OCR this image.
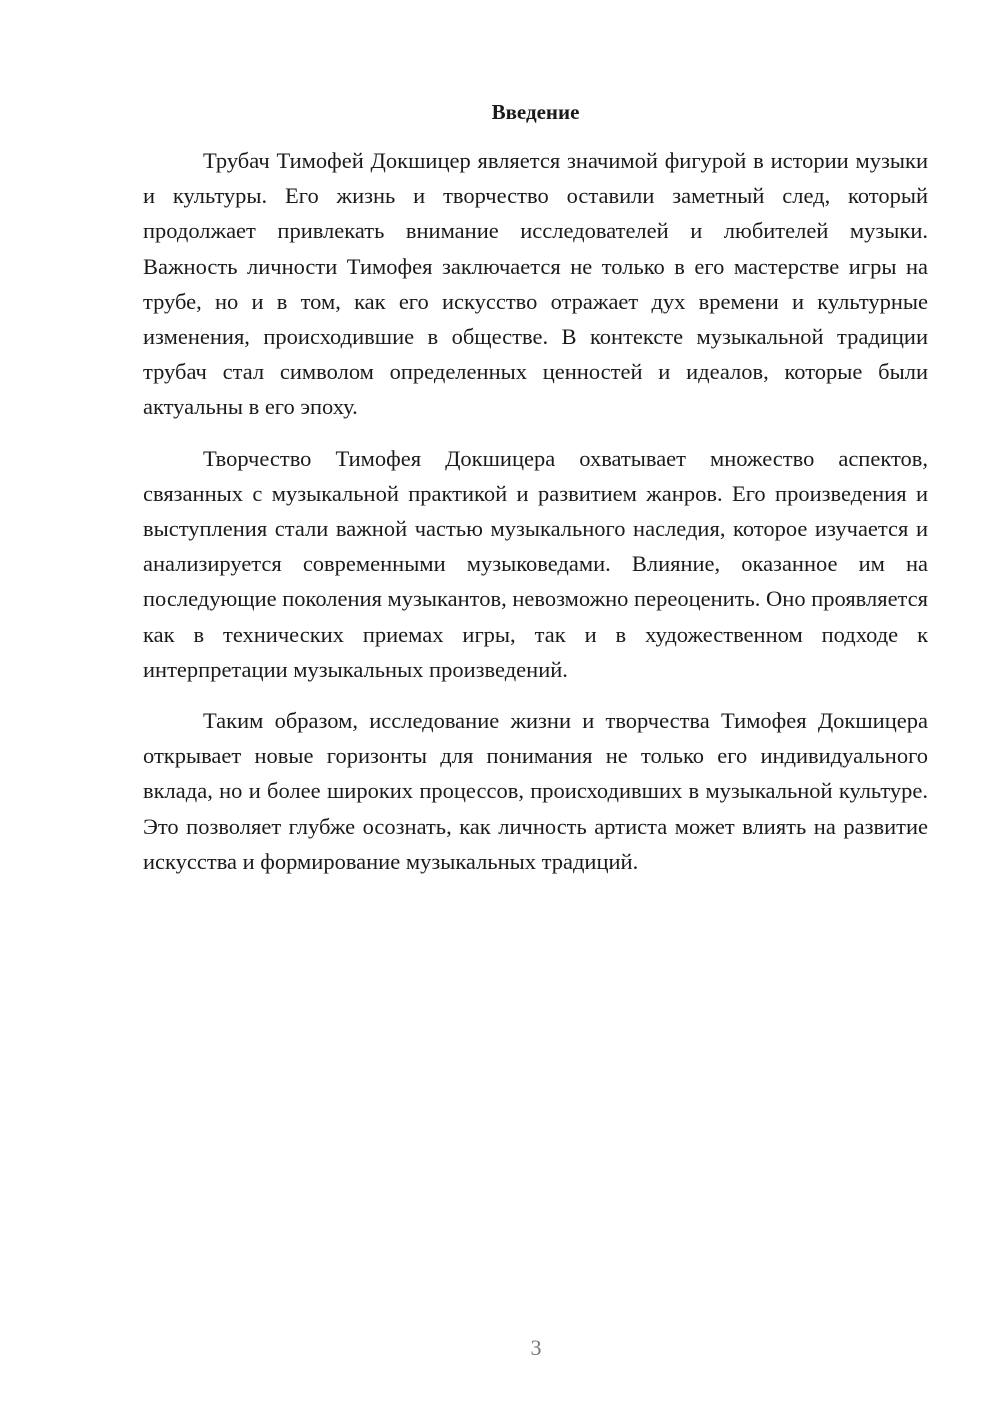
Введение

Трубач Тимофей Докшицер является значимой фигурой в истории музыки и культуры. Его жизнь и творчество оставили заметный след, который продолжает привлекать внимание исследователей и любителей музыки. Важность личности Тимофея заключается не только в его мастерстве игры на трубе, но и в том, как его искусство отражает дух времени и культурные изменения, происходившие в обществе. В контексте музыкальной традиции трубач стал символом определенных ценностей и идеалов, которые были актуальны в его эпоху.

Творчество Тимофея Докшицера охватывает множество аспектов, связанных с музыкальной практикой и развитием жанров. Его произведения и выступления стали важной частью музыкального наследия, которое изучается и анализируется современными музыковедами. Влияние, оказанное им на последующие поколения музыкантов, невозможно переоценить. Оно проявляется как в технических приемах игры, так и в художественном подходе к интерпретации музыкальных произведений.

Таким образом, исследование жизни и творчества Тимофея Докшицера открывает новые горизонты для понимания не только его индивидуального вклада, но и более широких процессов, происходивших в музыкальной культуре. Это позволяет глубже осознать, как личность артиста может влиять на развитие искусства и формирование музыкальных традиций.

3
